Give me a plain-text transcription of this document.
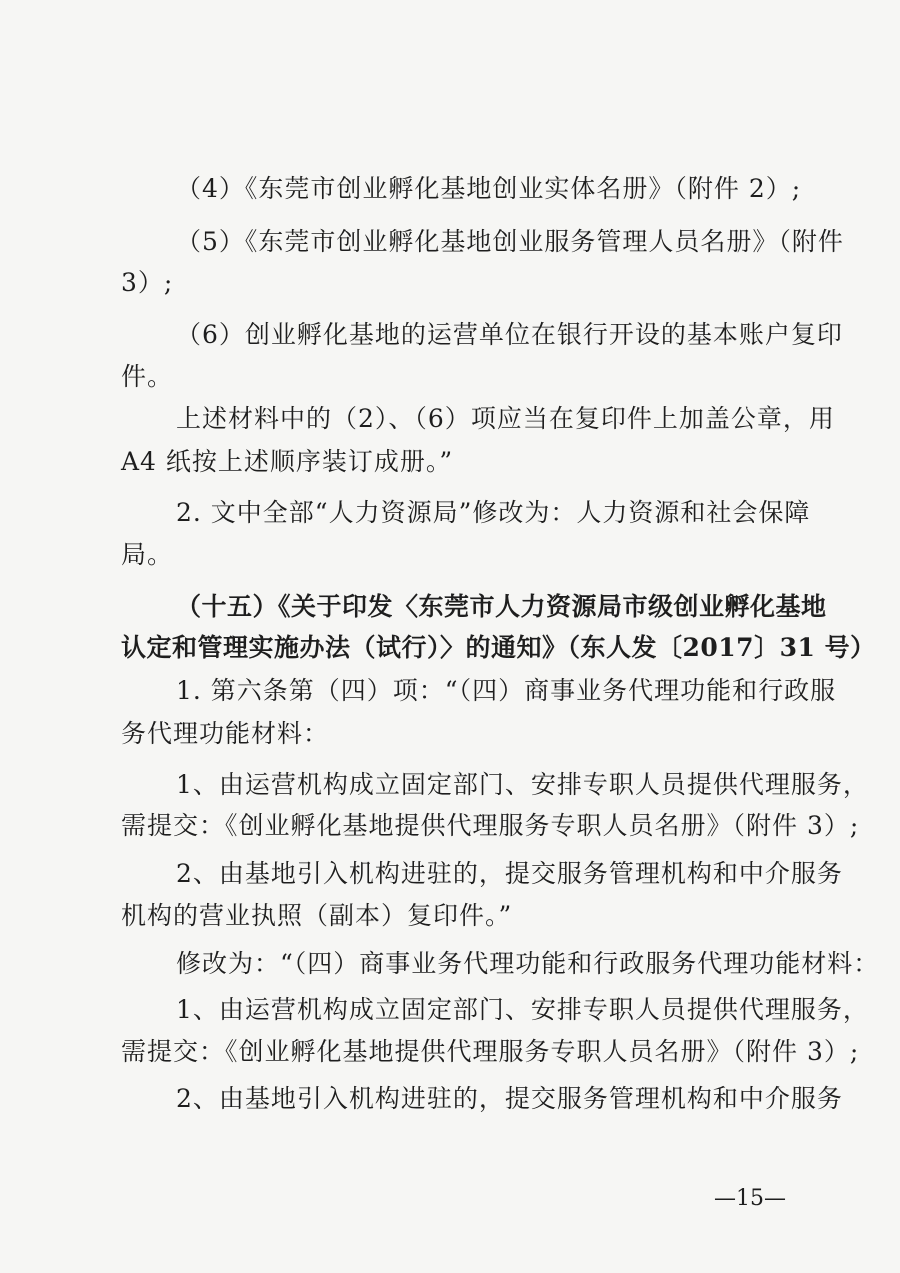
（4）《东莞市创业孵化基地创业实体名册》（附件 2）;
（5）《东莞市创业孵化基地创业服务管理人员名册》（附件
3）;
（6）创业孵化基地的运营单位在银行开设的基本账户复印
件。
上述材料中的（2）、（6）项应当在复印件上加盖公章，用
A4 纸按上述顺序装订成册。”
2. 文中全部“人力资源局”修改为：人力资源和社会保障
局。
（十五）《关于印发〈东莞市人力资源局市级创业孵化基地
认定和管理实施办法（试行）〉的通知》（东人发〔2017〕31 号）
1. 第六条第（四）项：“（四）商事业务代理功能和行政服
务代理功能材料：
1、由运营机构成立固定部门、安排专职人员提供代理服务，
需提交：《创业孵化基地提供代理服务专职人员名册》（附件 3）;
2、由基地引入机构进驻的，提交服务管理机构和中介服务
机构的营业执照（副本）复印件。”
修改为：“（四）商事业务代理功能和行政服务代理功能材料：
1、由运营机构成立固定部门、安排专职人员提供代理服务，
需提交：《创业孵化基地提供代理服务专职人员名册》（附件 3）;
2、由基地引入机构进驻的，提交服务管理机构和中介服务
—15—
